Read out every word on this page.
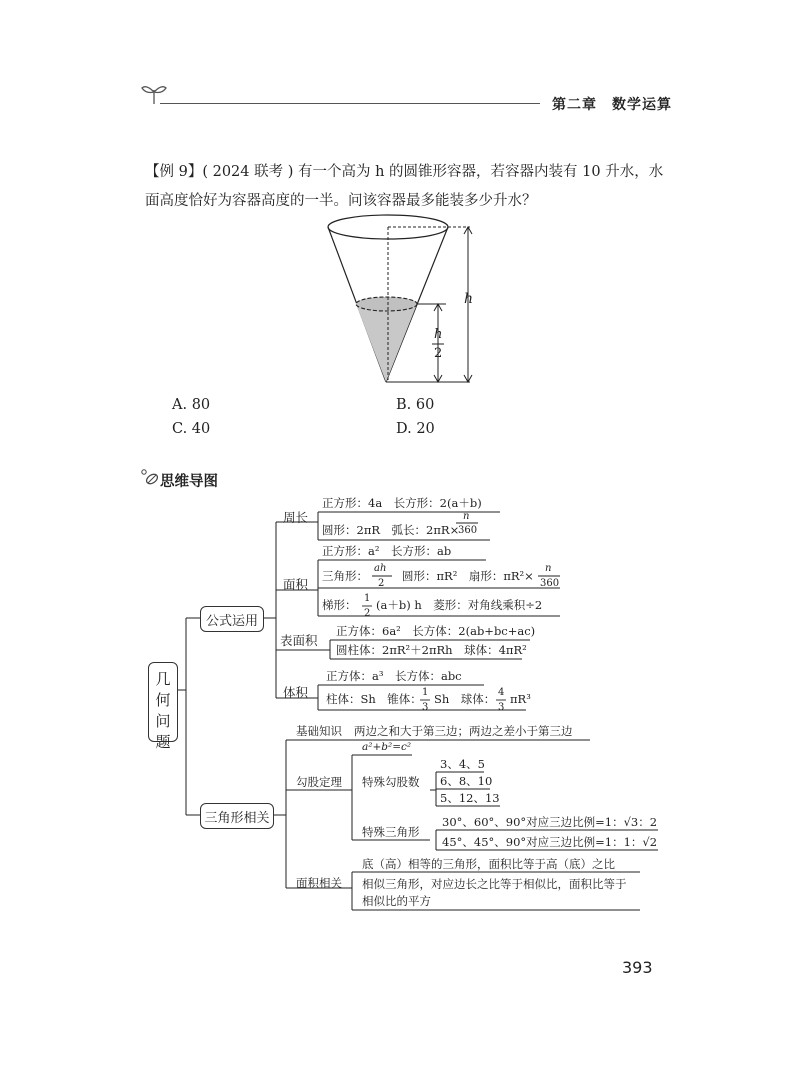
第二章　数学运算
【例 9】( 2024 联考 ) 有一个高为 h 的圆锥形容器，若容器内装有 10 升水，水面高度恰好为容器高度的一半。问该容器最多能装多少升水？
h
h
2
A. 80	B. 60
C. 40	D. 20
思维导图
几何问题
公式运用
三角形相关
周长
正方形：4a　长方形：2(a＋b)
圆形：2πR　弧长：2πR×
n
360
面积
正方形：a²　长方形：ab
三角形：
ah
2
圆形：πR²　扇形：πR²×
n
360
梯形： 1
2
(a＋b) h　菱形：对角线乘积÷2
表面积
正方体：6a²　长方体：2(ab+bc+ac)
圆柱体：2πR²＋2πRh　球体：4πR²
体积
正方体：a³　长方体：abc
柱体：Sh　锥体： 1
3
Sh　球体： 4
3
πR³
基础知识 两边之和大于第三边；两边之差小于第三边
勾股定理
a²+b²=c²
特殊勾股数
3、4、5
6、8、10
5、12、13
特殊三角形
30°、60°、90°对应三边比例=1：√3：2
45°、45°、90°对应三边比例=1：1：√2
面积相关
底（高）相等的三角形，面积比等于高（底）之比
相似三角形，对应边长之比等于相似比，面积比等于
相似比的平方
393
